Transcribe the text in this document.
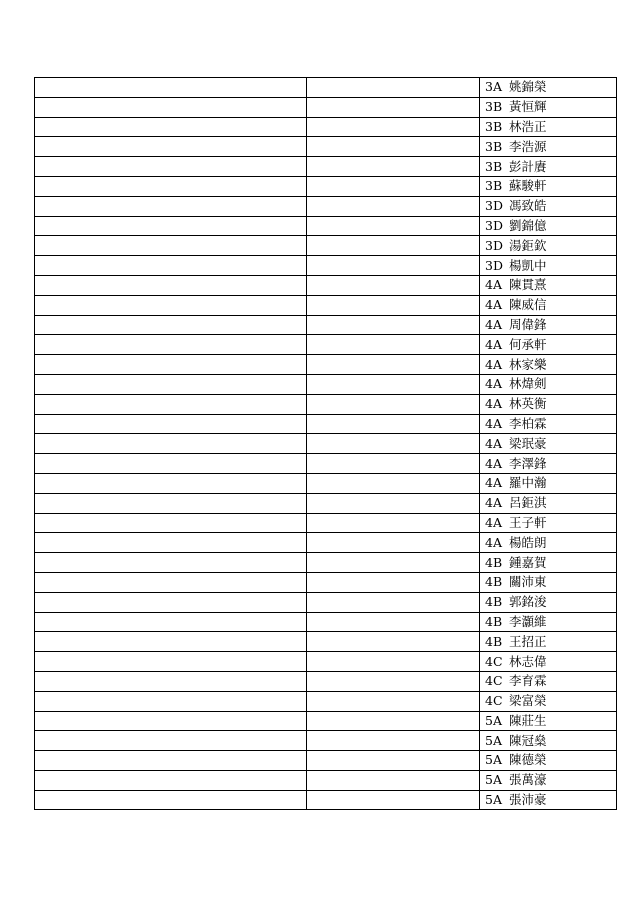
		3A 姚錦榮
		3B 黃恒輝
		3B 林浩正
		3B 李浩源
		3B 彭計賡
		3B 蘇駿軒
		3D 馮致皓
		3D 劉錦億
		3D 湯鉅欽
		3D 楊凱中
		4A 陳貫熹
		4A 陳威信
		4A 周偉鋒
		4A 何承軒
		4A 林家樂
		4A 林煒剣
		4A 林英衡
		4A 李柏霖
		4A 梁珉豪
		4A 李澤鋒
		4A 羅中瀚
		4A 呂鉅淇
		4A 王子軒
		4A 楊皓朗
		4B 鍾嘉賀
		4B 關沛東
		4B 郭銘浚
		4B 李灝維
		4B 王招正
		4C 林志偉
		4C 李育霖
		4C 梁富榮
		5A 陳莊生
		5A 陳冠燊
		5A 陳德榮
		5A 張萬濠
		5A 張沛豪
